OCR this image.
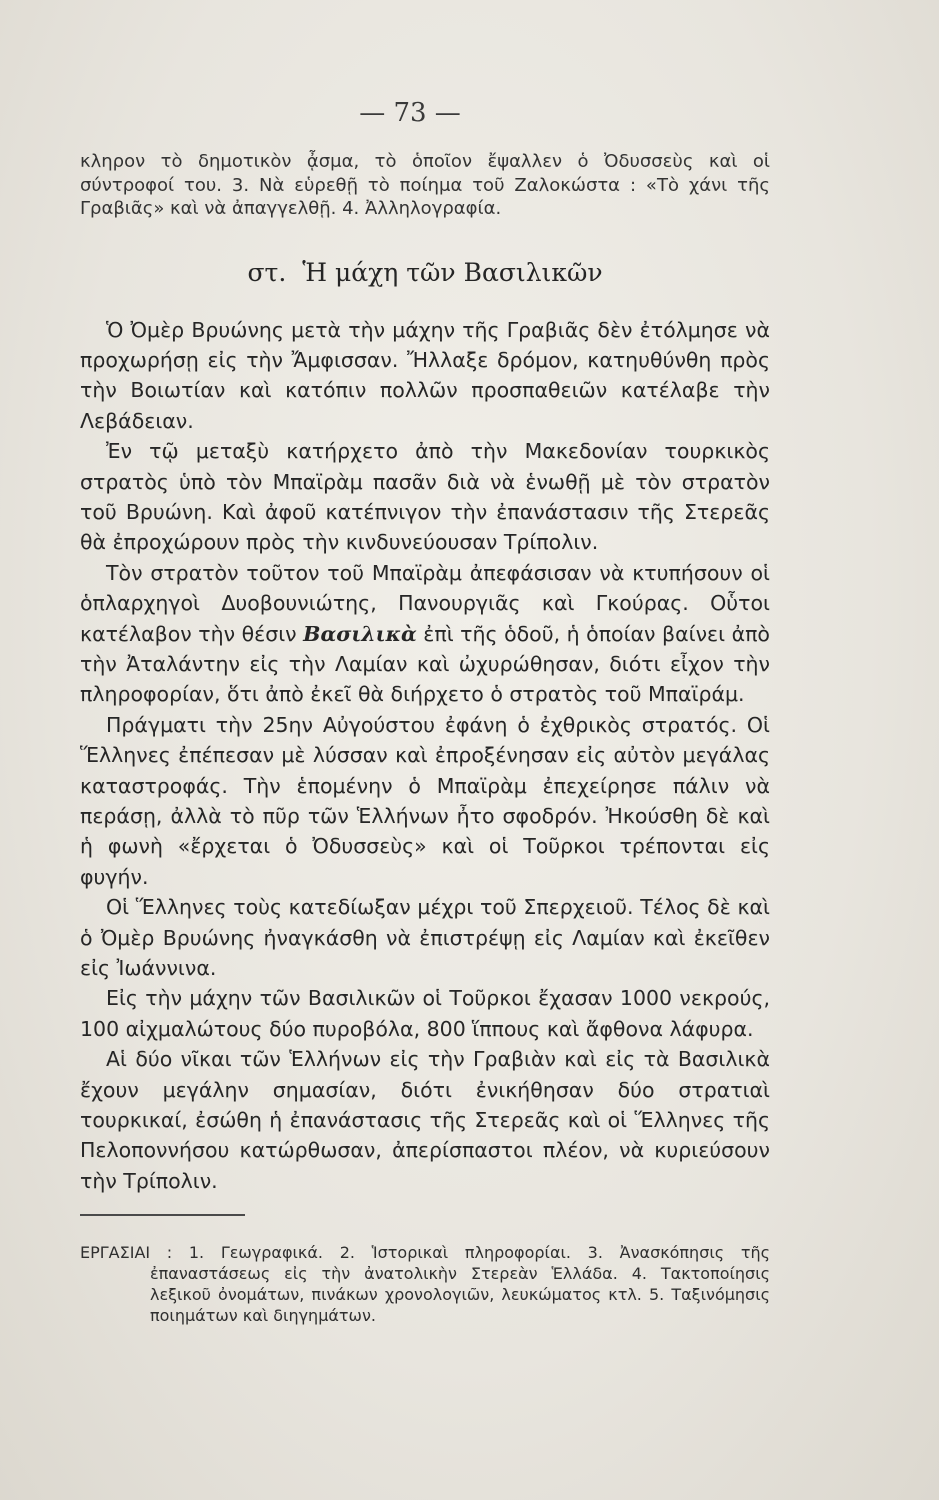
— 73 —

κληρον τὸ δημοτικὸν ᾆσμα, τὸ ὁποῖον ἔψαλλεν ὁ Ὀδυσσεὺς καὶ οἱ σύντροφοί του. 3. Νὰ εὑρεθῇ τὸ ποίημα τοῦ Ζαλοκώστα : «Τὸ χάνι τῆς Γραβιᾶς» καὶ νὰ ἀπαγγελθῇ. 4. Ἀλληλογραφία.

στ. Ἡ μάχη τῶν Βασιλικῶν

Ὁ Ὀμὲρ Βρυώνης μετὰ τὴν μάχην τῆς Γραβιᾶς δὲν ἐτόλμησε νὰ προχωρήσῃ εἰς τὴν Ἄμφισσαν. Ἤλλαξε δρόμον, κατηυθύνθη πρὸς τὴν Βοιωτίαν καὶ κατόπιν πολλῶν προσπαθειῶν κατέλαβε τὴν Λεβάδειαν.

Ἐν τῷ μεταξὺ κατήρχετο ἀπὸ τὴν Μακεδονίαν τουρκικὸς στρατὸς ὑπὸ τὸν Μπαϊρὰμ πασᾶν διὰ νὰ ἑνωθῇ μὲ τὸν στρατὸν τοῦ Βρυώνη. Καὶ ἀφοῦ κατέπνιγον τὴν ἐπανάστασιν τῆς Στερεᾶς θὰ ἐπροχώρουν πρὸς τὴν κινδυνεύουσαν Τρίπολιν.

Τὸν στρατὸν τοῦτον τοῦ Μπαϊρὰμ ἀπεφάσισαν νὰ κτυπήσουν οἱ ὁπλαρχηγοὶ Δυοβουνιώτης, Πανουργιᾶς καὶ Γκούρας. Οὗτοι κατέλαβον τὴν θέσιν Βασιλικὰ ἐπὶ τῆς ὁδοῦ, ἡ ὁποίαν βαίνει ἀπὸ τὴν Ἀταλάντην εἰς τὴν Λαμίαν καὶ ὠχυρώθησαν, διότι εἶχον τὴν πληροφορίαν, ὅτι ἀπὸ ἐκεῖ θὰ διήρχετο ὁ στρατὸς τοῦ Μπαϊράμ.

Πράγματι τὴν 25ην Αὐγούστου ἐφάνη ὁ ἐχθρικὸς στρατός. Οἱ Ἕλληνες ἐπέπεσαν μὲ λύσσαν καὶ ἐπροξένησαν εἰς αὐτὸν μεγάλας καταστροφάς. Τὴν ἑπομένην ὁ Μπαϊρὰμ ἐπεχείρησε πάλιν νὰ περάσῃ, ἀλλὰ τὸ πῦρ τῶν Ἑλλήνων ἦτο σφοδρόν. Ἠκούσθη δὲ καὶ ἡ φωνὴ «ἔρχεται ὁ Ὀδυσσεὺς» καὶ οἱ Τοῦρκοι τρέπονται εἰς φυγήν.

Οἱ Ἕλληνες τοὺς κατεδίωξαν μέχρι τοῦ Σπερχειοῦ. Τέλος δὲ καὶ ὁ Ὀμὲρ Βρυώνης ἠναγκάσθη νὰ ἐπιστρέψῃ εἰς Λαμίαν καὶ ἐκεῖθεν εἰς Ἰωάννινα.

Εἰς τὴν μάχην τῶν Βασιλικῶν οἱ Τοῦρκοι ἔχασαν 1000 νεκρούς, 100 αἰχμαλώτους δύο πυροβόλα, 800 ἵππους καὶ ἄφθονα λάφυρα.

Αἱ δύο νῖκαι τῶν Ἑλλήνων εἰς τὴν Γραβιὰν καὶ εἰς τὰ Βασιλικὰ ἔχουν μεγάλην σημασίαν, διότι ἐνικήθησαν δύο στρατιαὶ τουρκικαί, ἐσώθη ἡ ἐπανάστασις τῆς Στερεᾶς καὶ οἱ Ἕλληνες τῆς Πελοποννήσου κατώρθωσαν, ἀπερίσπαστοι πλέον, νὰ κυριεύσουν τὴν Τρίπολιν.

ΕΡΓΑΣΙΑΙ : 1. Γεωγραφικά. 2. Ἱστορικαὶ πληροφορίαι. 3. Ἀνασκόπησις τῆς ἐπαναστάσεως εἰς τὴν ἀνατολικὴν Στερεὰν Ἑλλάδα. 4. Τακτοποίησις λεξικοῦ ὀνομάτων, πινάκων χρονολογιῶν, λευκώματος κτλ. 5. Ταξινόμησις ποιημάτων καὶ διηγημάτων.
